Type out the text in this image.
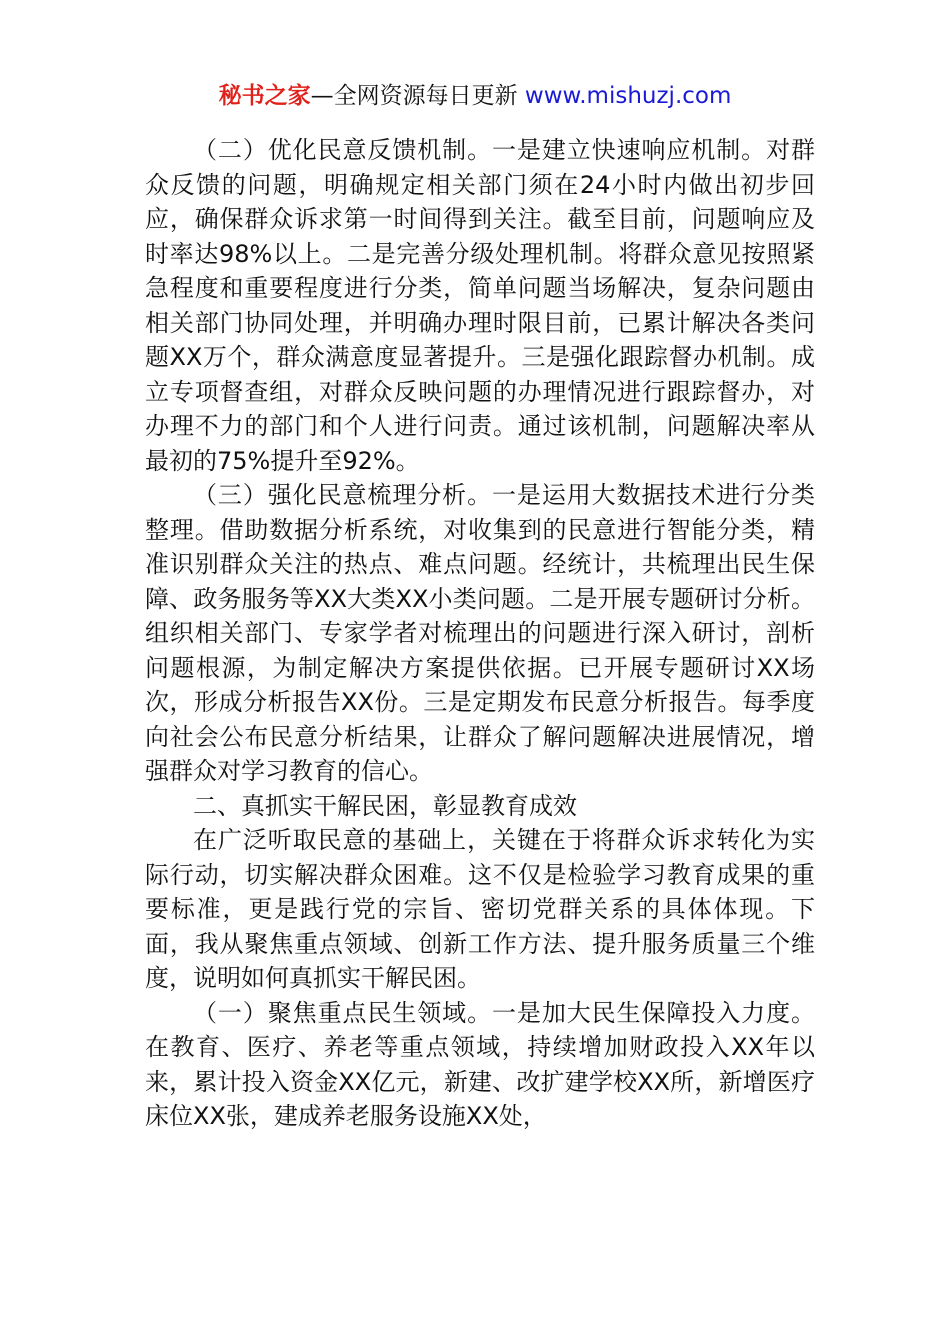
秘书之家—全网资源每日更新 www.mishuzj.com

（二）优化民意反馈机制。一是建立快速响应机制。对群众反馈的问题，明确规定相关部门须在24小时内做出初步回应，确保群众诉求第一时间得到关注。截至目前，问题响应及时率达98%以上。二是完善分级处理机制。将群众意见按照紧急程度和重要程度进行分类，简单问题当场解决，复杂问题由相关部门协同处理，并明确办理时限目前，已累计解决各类问题XX万个，群众满意度显著提升。三是强化跟踪督办机制。成立专项督查组，对群众反映问题的办理情况进行跟踪督办，对办理不力的部门和个人进行问责。通过该机制，问题解决率从最初的75%提升至92%。

（三）强化民意梳理分析。一是运用大数据技术进行分类整理。借助数据分析系统，对收集到的民意进行智能分类，精准识别群众关注的热点、难点问题。经统计，共梳理出民生保障、政务服务等XX大类XX小类问题。二是开展专题研讨分析。组织相关部门、专家学者对梳理出的问题进行深入研讨，剖析问题根源，为制定解决方案提供依据。已开展专题研讨XX场次，形成分析报告XX份。三是定期发布民意分析报告。每季度向社会公布民意分析结果，让群众了解问题解决进展情况，增强群众对学习教育的信心。

二、真抓实干解民困，彰显教育成效

在广泛听取民意的基础上，关键在于将群众诉求转化为实际行动，切实解决群众困难。这不仅是检验学习教育成果的重要标准，更是践行党的宗旨、密切党群关系的具体体现。下面，我从聚焦重点领域、创新工作方法、提升服务质量三个维度，说明如何真抓实干解民困。

（一）聚焦重点民生领域。一是加大民生保障投入力度。在教育、医疗、养老等重点领域，持续增加财政投入XX年以来，累计投入资金XX亿元，新建、改扩建学校XX所，新增医疗床位XX张，建成养老服务设施XX处，
